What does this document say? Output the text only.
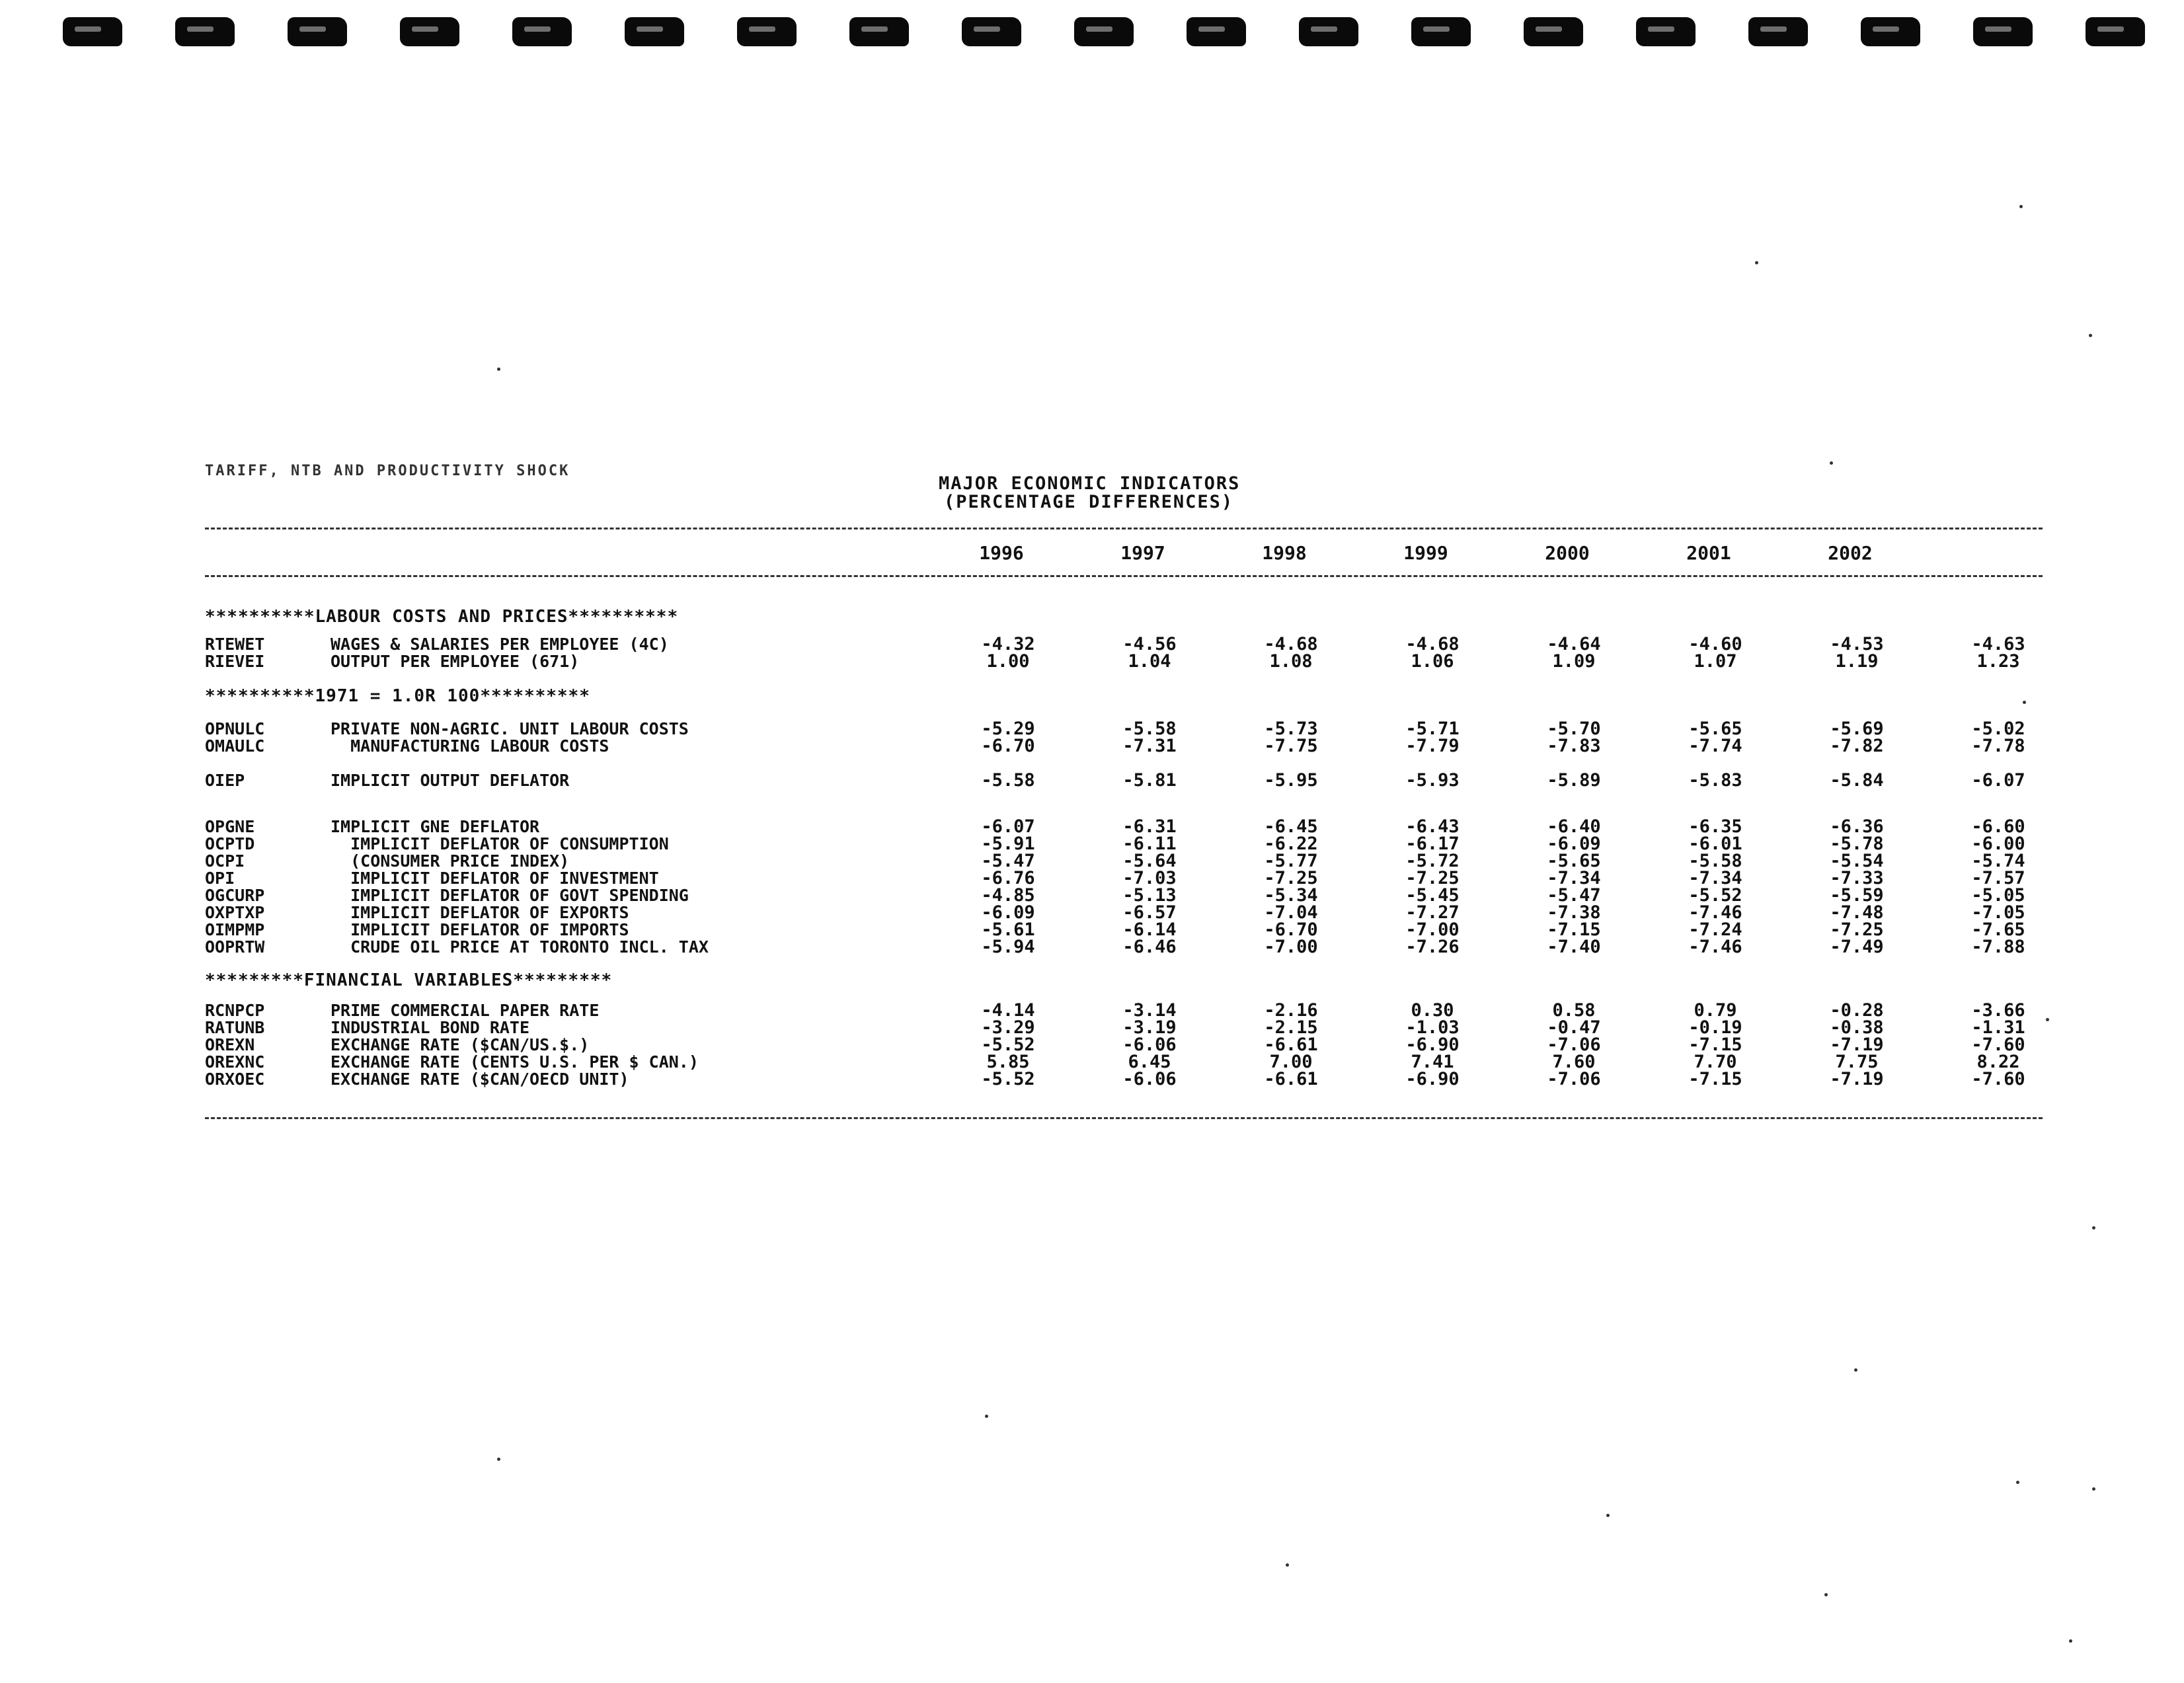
TARIFF, NTB AND PRODUCTIVITY SHOCK
MAJOR ECONOMIC INDICATORS
(PERCENTAGE DIFFERENCES)
1996	1997	1998	1999	2000	2001	2002
**********LABOUR COSTS AND PRICES**********
RTEWET	WAGES & SALARIES PER EMPLOYEE (4C)	-4.32	-4.56	-4.68	-4.68	-4.64	-4.60	-4.53	-4.63
RIEVEI	OUTPUT PER EMPLOYEE (671)	1.00	1.04	1.08	1.06	1.09	1.07	1.19	1.23
**********1971 = 1.0R 100**********
OPNULC	PRIVATE NON-AGRIC. UNIT LABOUR COSTS	-5.29	-5.58	-5.73	-5.71	-5.70	-5.65	-5.69	-5.02
OMAULC	MANUFACTURING LABOUR COSTS	-6.70	-7.31	-7.75	-7.79	-7.83	-7.74	-7.82	-7.78
OIEP	IMPLICIT OUTPUT DEFLATOR	-5.58	-5.81	-5.95	-5.93	-5.89	-5.83	-5.84	-6.07
OPGNE	IMPLICIT GNE DEFLATOR	-6.07	-6.31	-6.45	-6.43	-6.40	-6.35	-6.36	-6.60
OCPTD	IMPLICIT DEFLATOR OF CONSUMPTION	-5.91	-6.11	-6.22	-6.17	-6.09	-6.01	-5.78	-6.00
OCPI	(CONSUMER PRICE INDEX)	-5.47	-5.64	-5.77	-5.72	-5.65	-5.58	-5.54	-5.74
OPI	IMPLICIT DEFLATOR OF INVESTMENT	-6.76	-7.03	-7.25	-7.25	-7.34	-7.34	-7.33	-7.57
OGCURP	IMPLICIT DEFLATOR OF GOVT SPENDING	-4.85	-5.13	-5.34	-5.45	-5.47	-5.52	-5.59	-5.05
OXPTXP	IMPLICIT DEFLATOR OF EXPORTS	-6.09	-6.57	-7.04	-7.27	-7.38	-7.46	-7.48	-7.05
OIMPMP	IMPLICIT DEFLATOR OF IMPORTS	-5.61	-6.14	-6.70	-7.00	-7.15	-7.24	-7.25	-7.65
OOPRTW	CRUDE OIL PRICE AT TORONTO INCL. TAX	-5.94	-6.46	-7.00	-7.26	-7.40	-7.46	-7.49	-7.88
*********FINANCIAL VARIABLES*********
RCNPCP	PRIME COMMERCIAL PAPER RATE	-4.14	-3.14	-2.16	0.30	0.58	0.79	-0.28	-3.66
RATUNB	INDUSTRIAL BOND RATE	-3.29	-3.19	-2.15	-1.03	-0.47	-0.19	-0.38	-1.31
OREXN	EXCHANGE RATE ($CAN/US.$.)	-5.52	-6.06	-6.61	-6.90	-7.06	-7.15	-7.19	-7.60
OREXNC	EXCHANGE RATE (CENTS U.S. PER $ CAN.)	5.85	6.45	7.00	7.41	7.60	7.70	7.75	8.22
ORXOEC	EXCHANGE RATE ($CAN/OECD UNIT)	-5.52	-6.06	-6.61	-6.90	-7.06	-7.15	-7.19	-7.60
